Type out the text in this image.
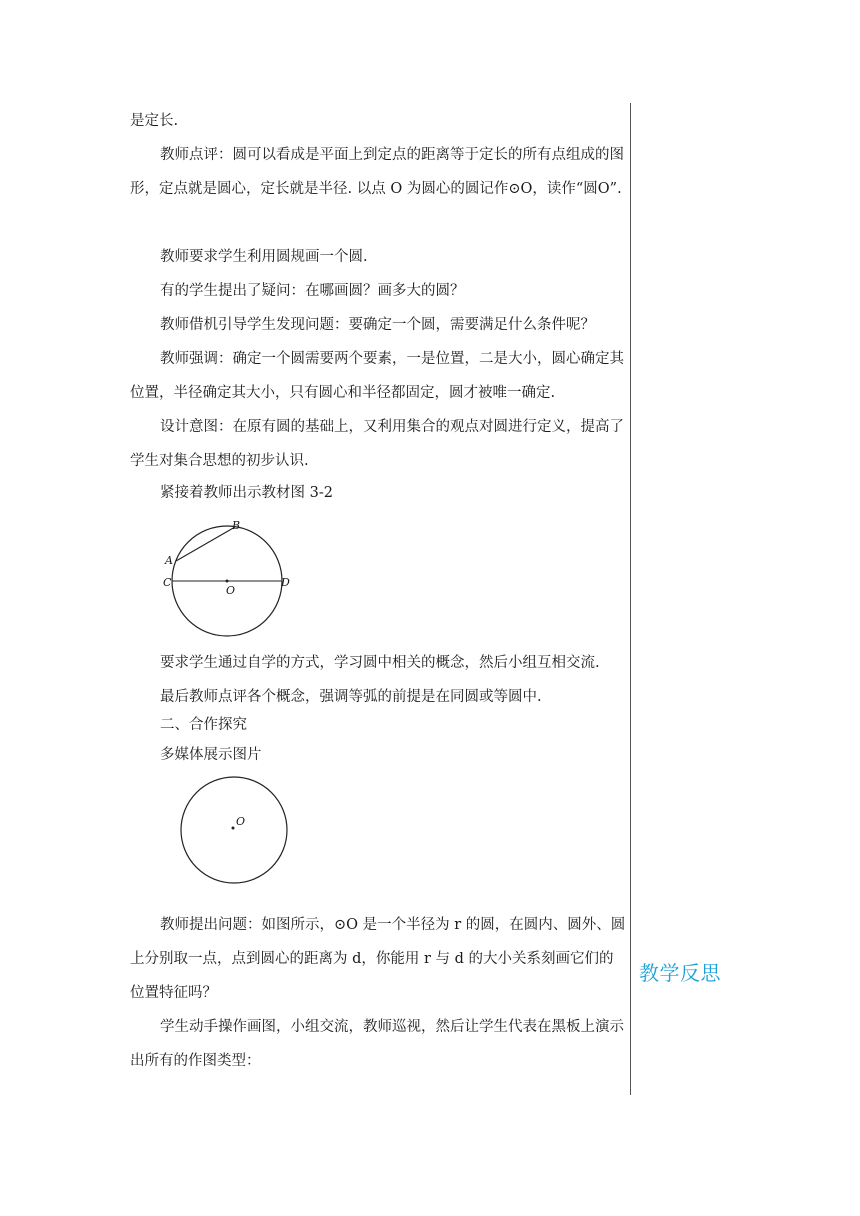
教学反思

是定长.

教师点评：圆可以看成是平面上到定点的距离等于定长的所有点组成的图形，定点就是圆心，定长就是半径. 以点 O 为圆心的圆记作⊙O，读作“圆O”.

教师要求学生利用圆规画一个圆.

有的学生提出了疑问：在哪画圆？画多大的圆？

教师借机引导学生发现问题：要确定一个圆，需要满足什么条件呢？

教师强调：确定一个圆需要两个要素，一是位置，二是大小，圆心确定其位置，半径确定其大小，只有圆心和半径都固定，圆才被唯一确定.

设计意图：在原有圆的基础上，又利用集合的观点对圆进行定义，提高了学生对集合思想的初步认识.

紧接着教师出示教材图 3-2

B
A
C	D
O

要求学生通过自学的方式，学习圆中相关的概念，然后小组互相交流.

最后教师点评各个概念，强调等弧的前提是在同圆或等圆中.

二、合作探究

多媒体展示图片

O

教师提出问题：如图所示，⊙O 是一个半径为 r 的圆，在圆内、圆外、圆上分别取一点，点到圆心的距离为 d，你能用 r 与 d 的大小关系刻画它们的位置特征吗？

学生动手操作画图，小组交流，教师巡视，然后让学生代表在黑板上演示出所有的作图类型：
